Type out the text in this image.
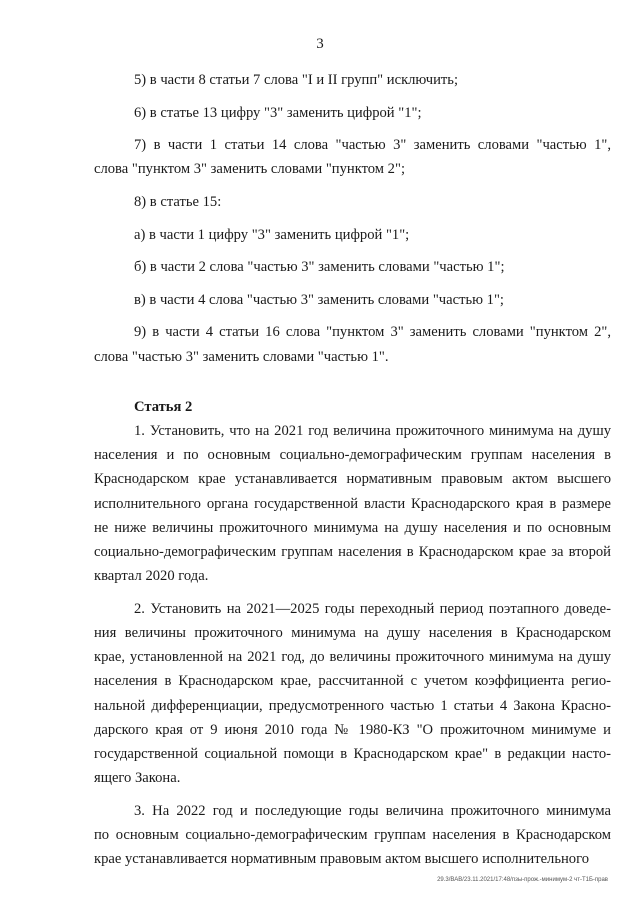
3
5) в части 8 статьи 7 слова "I и II групп" исключить;
6) в статье 13 цифру "3" заменить цифрой "1";
7) в части 1 статьи 14 слова "частью 3" заменить словами "частью 1",
слова "пунктом 3" заменить словами "пунктом 2";
8) в статье 15:
а) в части 1 цифру "3" заменить цифрой "1";
б) в части 2 слова "частью 3" заменить словами "частью 1";
в) в части 4 слова "частью 3" заменить словами "частью 1";
9) в части 4 статьи 16 слова "пунктом 3" заменить словами "пунктом 2",
слова "частью 3" заменить словами "частью 1".
Статья 2
1. Установить, что на 2021 год величина прожиточного минимума на душу
населения и по основным социально-демографическим группам населения в
Краснодарском крае устанавливается нормативным правовым актом высшего
исполнительного органа государственной власти Краснодарского края в размере
не ниже величины прожиточного минимума на душу населения и по основным
социально-демографическим группам населения в Краснодарском крае за второй
квартал 2020 года.
2. Установить на 2021—2025 годы переходный период поэтапного доведе-
ния величины прожиточного минимума на душу населения в Краснодарском
крае, установленной на 2021 год, до величины прожиточного минимума на душу
населения в Краснодарском крае, рассчитанной с учетом коэффициента регио-
нальной дифференциации, предусмотренного частью 1 статьи 4 Закона Красно-
дарского края от 9 июня 2010 года № 1980-КЗ "О прожиточном минимуме и
государственной социальной помощи в Краснодарском крае" в редакции насто-
ящего Закона.
3. На 2022 год и последующие годы величина прожиточного минимума
по основным социально-демографическим группам населения в Краснодарском
крае устанавливается нормативным правовым актом высшего исполнительного
29.3/ВАВ/23.11.2021/17:48/пзы-прож.-минимум-2 чт-Т1Б-прав
